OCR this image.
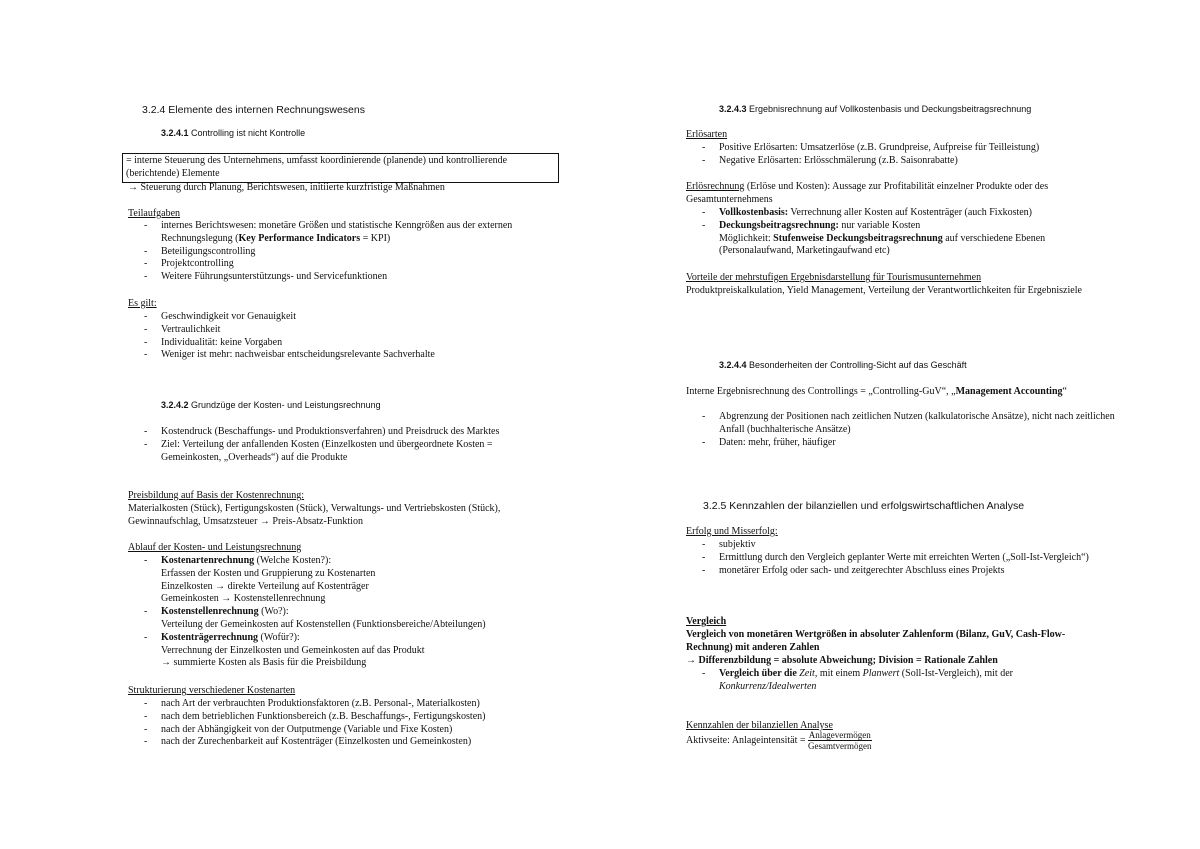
3.2.4 Elemente des internen Rechnungswesens
3.2.4.1 Controlling ist nicht Kontrolle
= interne Steuerung des Unternehmens, umfasst koordinierende (planende) und kontrollierende (berichtende) Elemente
→ Steuerung durch Planung, Berichtswesen, initiierte kurzfristige Maßnahmen
Teilaufgaben
- internes Berichtswesen: monetäre Größen und statistische Kenngrößen aus der externen Rechnungslegung (Key Performance Indicators = KPI)
- Beteiligungscontrolling
- Projektcontrolling
- Weitere Führungsunterstützungs- und Servicefunktionen
Es gilt:
- Geschwindigkeit vor Genauigkeit
- Vertraulichkeit
- Individualität: keine Vorgaben
- Weniger ist mehr: nachweisbar entscheidungsrelevante Sachverhalte
3.2.4.2 Grundzüge der Kosten- und Leistungsrechnung
- Kostendruck (Beschaffungs- und Produktionsverfahren) und Preisdruck des Marktes
- Ziel: Verteilung der anfallenden Kosten (Einzelkosten und übergeordnete Kosten = Gemeinkosten, „Overheads“) auf die Produkte
Preisbildung auf Basis der Kostenrechnung:
Materialkosten (Stück), Fertigungskosten (Stück), Verwaltungs- und Vertriebskosten (Stück), Gewinnaufschlag, Umsatzsteuer → Preis-Absatz-Funktion
Ablauf der Kosten- und Leistungsrechnung
- Kostenartenrechnung (Welche Kosten?):
Erfassen der Kosten und Gruppierung zu Kostenarten
Einzelkosten → direkte Verteilung auf Kostenträger
Gemeinkosten → Kostenstellenrechnung
- Kostenstellenrechnung (Wo?):
Verteilung der Gemeinkosten auf Kostenstellen (Funktionsbereiche/Abteilungen)
- Kostenträgerrechnung (Wofür?):
Verrechnung der Einzelkosten und Gemeinkosten auf das Produkt
→ summierte Kosten als Basis für die Preisbildung
Strukturierung verschiedener Kostenarten
- nach Art der verbrauchten Produktionsfaktoren (z.B. Personal-, Materialkosten)
- nach dem betrieblichen Funktionsbereich (z.B. Beschaffungs-, Fertigungskosten)
- nach der Abhängigkeit von der Outputmenge (Variable und Fixe Kosten)
- nach der Zurechenbarkeit auf Kostenträger (Einzelkosten und Gemeinkosten)
3.2.4.3 Ergebnisrechnung auf Vollkostenbasis und Deckungsbeitragsrechnung
Erlösarten
- Positive Erlösarten: Umsatzerlöse (z.B. Grundpreise, Aufpreise für Teilleistung)
- Negative Erlösarten: Erlösschmälerung (z.B. Saisonrabatte)
Erlösrechnung (Erlöse und Kosten): Aussage zur Profitabilität einzelner Produkte oder des Gesamtunternehmens
- Vollkostenbasis: Verrechnung aller Kosten auf Kostenträger (auch Fixkosten)
- Deckungsbeitragsrechnung: nur variable Kosten
Möglichkeit: Stufenweise Deckungsbeitragsrechnung auf verschiedene Ebenen (Personalaufwand, Marketingaufwand etc)
Vorteile der mehrstufigen Ergebnisdarstellung für Tourismusunternehmen
Produktpreiskalkulation, Yield Management, Verteilung der Verantwortlichkeiten für Ergebnisziele
3.2.4.4 Besonderheiten der Controlling-Sicht auf das Geschäft
Interne Ergebnisrechnung des Controllings = „Controlling-GuV“, „Management Accounting“
- Abgrenzung der Positionen nach zeitlichen Nutzen (kalkulatorische Ansätze), nicht nach zeitlichen Anfall (buchhalterische Ansätze)
- Daten: mehr, früher, häufiger
3.2.5 Kennzahlen der bilanziellen und erfolgswirtschaftlichen Analyse
Erfolg und Misserfolg:
- subjektiv
- Ermittlung durch den Vergleich geplanter Werte mit erreichten Werten („Soll-Ist-Vergleich“)
- monetärer Erfolg oder sach- und zeitgerechter Abschluss eines Projekts
Vergleich
Vergleich von monetären Wertgrößen in absoluter Zahlenform (Bilanz, GuV, Cash-Flow-Rechnung) mit anderen Zahlen
→ Differenzbildung = absolute Abweichung; Division = Rationale Zahlen
- Vergleich über die Zeit, mit einem Planwert (Soll-Ist-Vergleich), mit der
Konkurrenz/Idealwerten
Kennzahlen der bilanziellen Analyse
Aktivseite: Anlageintensität = $\frac{\text{Anlagevermögen}}{\text{Gesamtvermögen}}$
